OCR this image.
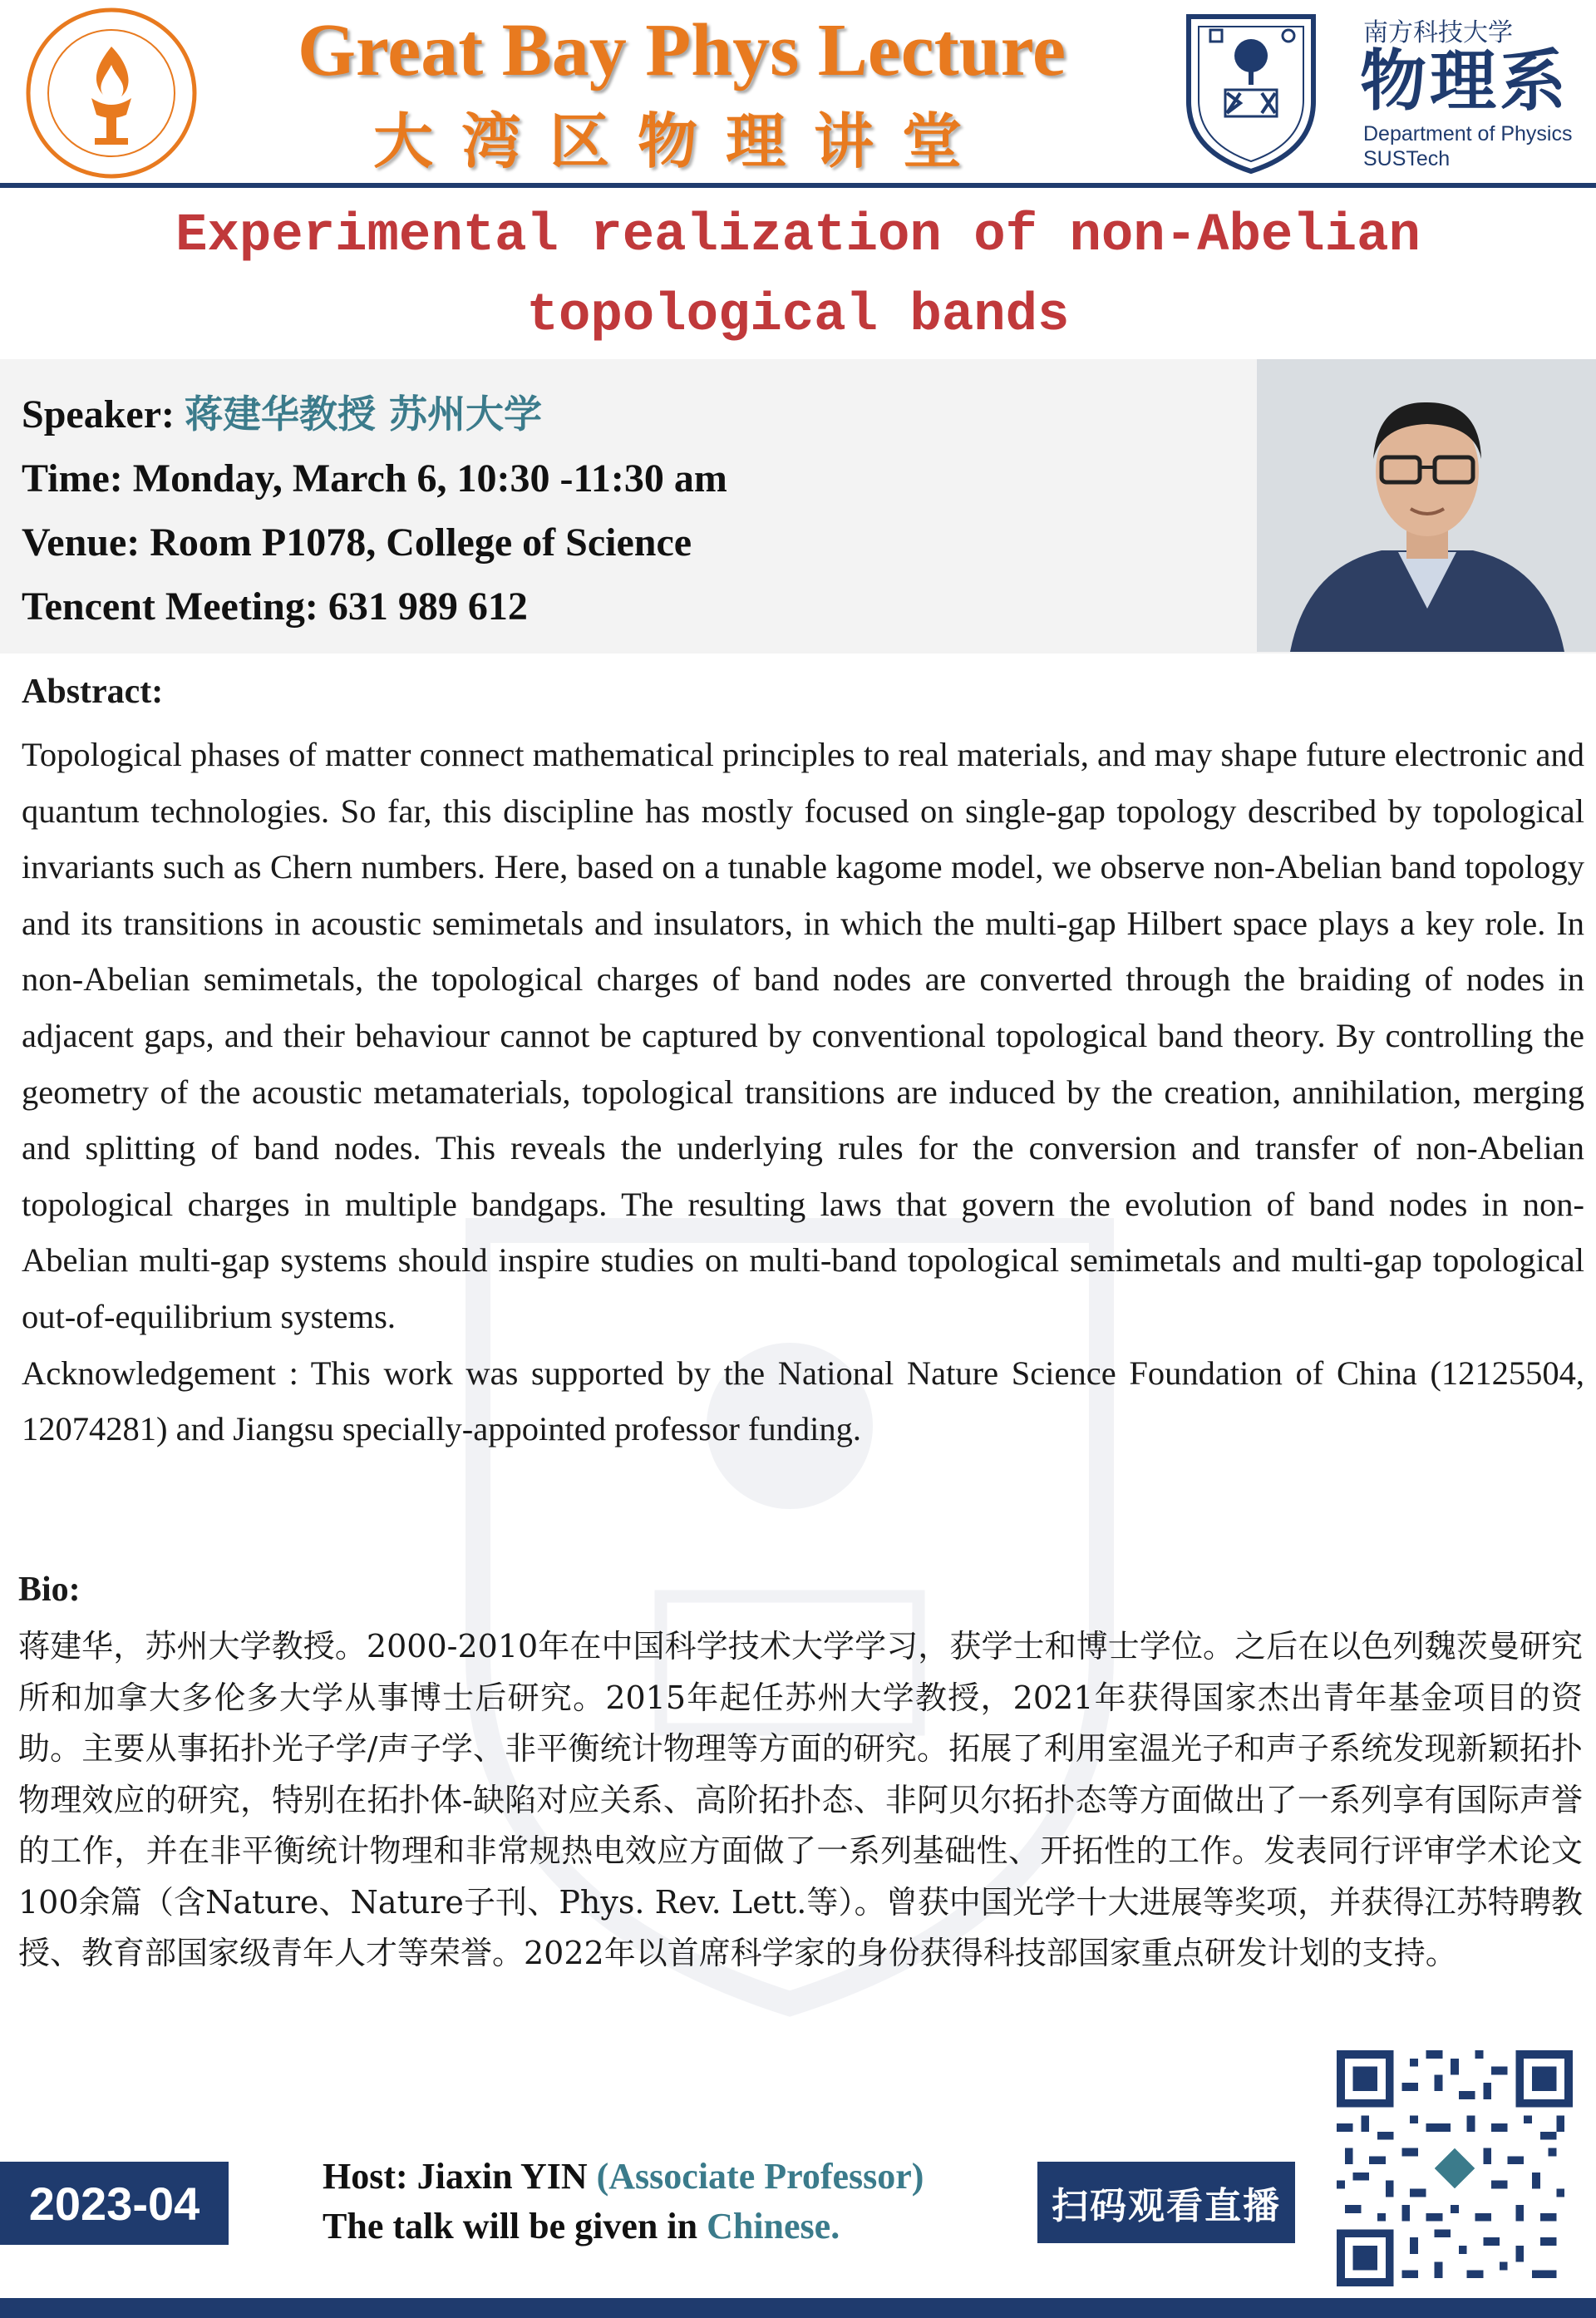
Great Bay Phys Lecture
大湾区物理讲堂
南方科技大学
物理系
Department of Physics
SUSTech
Experimental realization of non-Abelian topological bands
Speaker: 蒋建华教授 苏州大学
Time: Monday, March 6, 10:30 -11:30 am
Venue: Room P1078, College of Science
Tencent Meeting: 631 989 612
Abstract:
Topological phases of matter connect mathematical principles to real materials, and may shape future electronic and quantum technologies. So far, this discipline has mostly focused on single-gap topology described by topological invariants such as Chern numbers. Here, based on a tunable kagome model, we observe non-Abelian band topology and its transitions in acoustic semimetals and insulators, in which the multi-gap Hilbert space plays a key role. In non-Abelian semimetals, the topological charges of band nodes are converted through the braiding of nodes in adjacent gaps, and their behaviour cannot be captured by conventional topological band theory. By controlling the geometry of the acoustic metamaterials, topological transitions are induced by the creation, annihilation, merging and splitting of band nodes. This reveals the underlying rules for the conversion and transfer of non-Abelian topological charges in multiple bandgaps. The resulting laws that govern the evolution of band nodes in non-Abelian multi-gap systems should inspire studies on multi-band topological semimetals and multi-gap topological out-of-equilibrium systems.
Acknowledgement : This work was supported by the National Nature Science Foundation of China (12125504, 12074281) and Jiangsu specially-appointed professor funding.
Bio:
蒋建华，苏州大学教授。2000-2010年在中国科学技术大学学习，获学士和博士学位。之后在以色列魏茨曼研究所和加拿大多伦多大学从事博士后研究。2015年起任苏州大学教授，2021年获得国家杰出青年基金项目的资助。主要从事拓扑光子学/声子学、非平衡统计物理等方面的研究。拓展了利用室温光子和声子系统发现新颖拓扑物理效应的研究，特别在拓扑体-缺陷对应关系、高阶拓扑态、非阿贝尔拓扑态等方面做出了一系列享有国际声誉的工作，并在非平衡统计物理和非常规热电效应方面做了一系列基础性、开拓性的工作。发表同行评审学术论文100余篇（含Nature、Nature子刊、Phys. Rev. Lett.等）。曾获中国光学十大进展等奖项，并获得江苏特聘教授、教育部国家级青年人才等荣誉。2022年以首席科学家的身份获得科技部国家重点研发计划的支持。
2023-04
Host: Jiaxin YIN (Associate Professor)
The talk will be given in Chinese.	扫码观看直播
